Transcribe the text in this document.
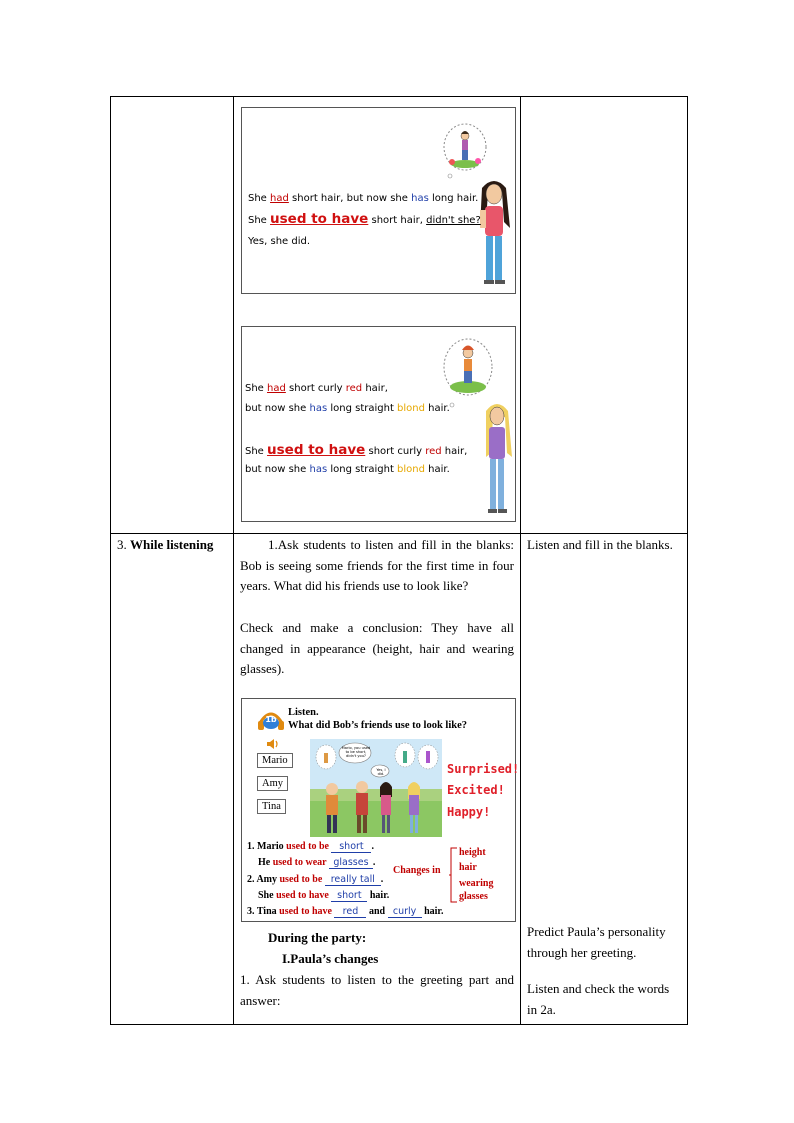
She had short hair, but now she has long hair.
She used to have short hair, didn't she?
Yes, she did.
She had short curly red hair,
but now she has long straight blond hair.
She used to have short curly red hair,
but now she has long straight blond hair.
3. While listening	1.Ask students to listen and fill in the blanks: Bob is seeing some friends for the first time in four years. What did his friends use to look like?
Check and make a conclusion: They have all changed in appearance (height, hair and wearing glasses).
1b
Listen.
What did Bob’s friends use to look like?
Mario
Amy
Tina
Mario, you used to be short, didn't you?
Yes, I did.	Surprised!
Excited!
Happy!
1. Mario used to be short .
He used to wear glasses .
2. Amy used to be really tall .
She used to have short hair.
3. Tina used to have red and curly hair.
Changes in
height
hair
wearing
glasses
During the party:
I.Paula’s changes
1. Ask students to listen to the greeting part and answer:
Listen and fill in the blanks.
Predict Paula’s personality through her greeting.
Listen and check the words in 2a.
